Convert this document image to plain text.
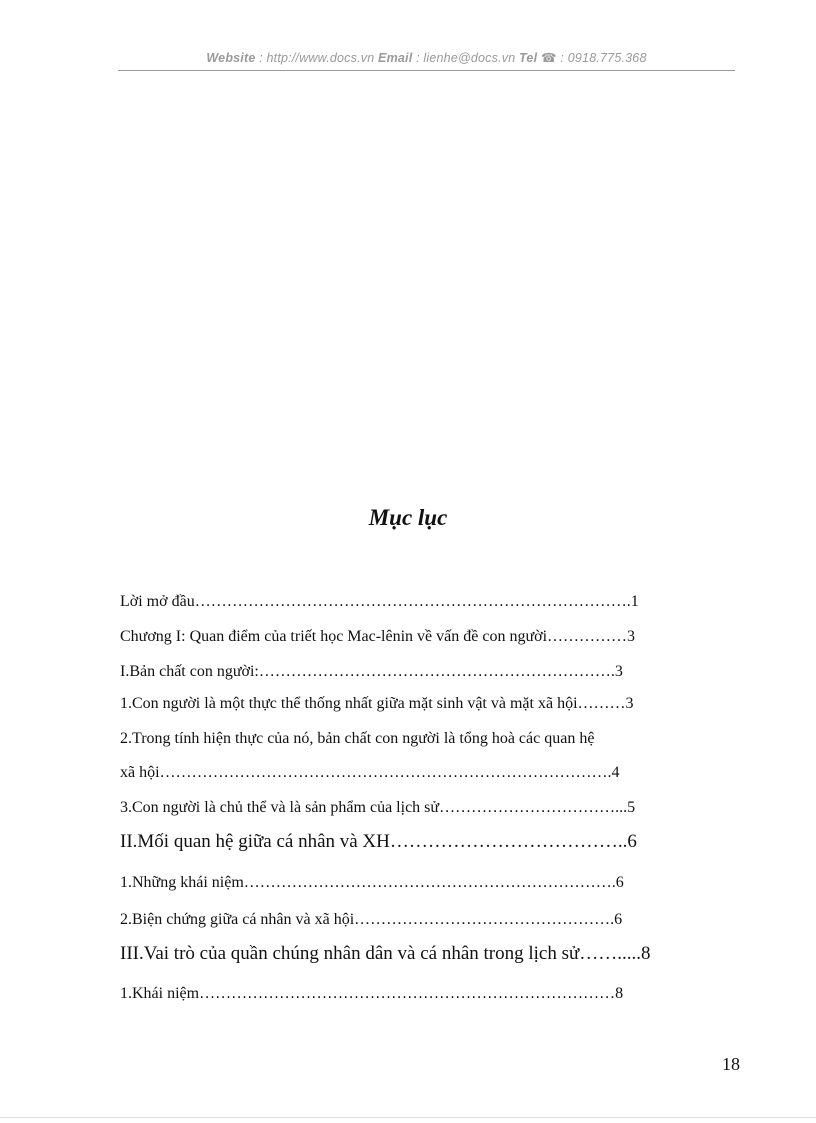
Website : http://www.docs.vn Email : lienhe@docs.vn Tel ☎ : 0918.775.368
Mục lục
Lời mở đầu……………………………………………………………………….1
Chương I: Quan điểm của triết học Mac-lênin về vấn đề con người……………3
I.Bản chất con người:………………………………………………………….3
1.Con người là một thực thể thống nhất giữa mặt sinh vật và mặt xã hội………3
2.Trong tính hiện thực của nó, bản chất con người là tổng hoà các quan hệ
xã hội………………………………………………………………………….4
3.Con người là chủ thể và là sản phẩm của lịch sử……………………………...5
II.Mối quan hệ giữa cá nhân và XH………………………………..6
1.Những khái niệm…………………………………………………………….6
2.Biện chứng giữa cá nhân và xã hội………………………………………….6
III.Vai trò của quần chúng nhân dân và cá nhân trong lịch sử…….....8
1.Khái niệm……………………………………………………………………8
18
